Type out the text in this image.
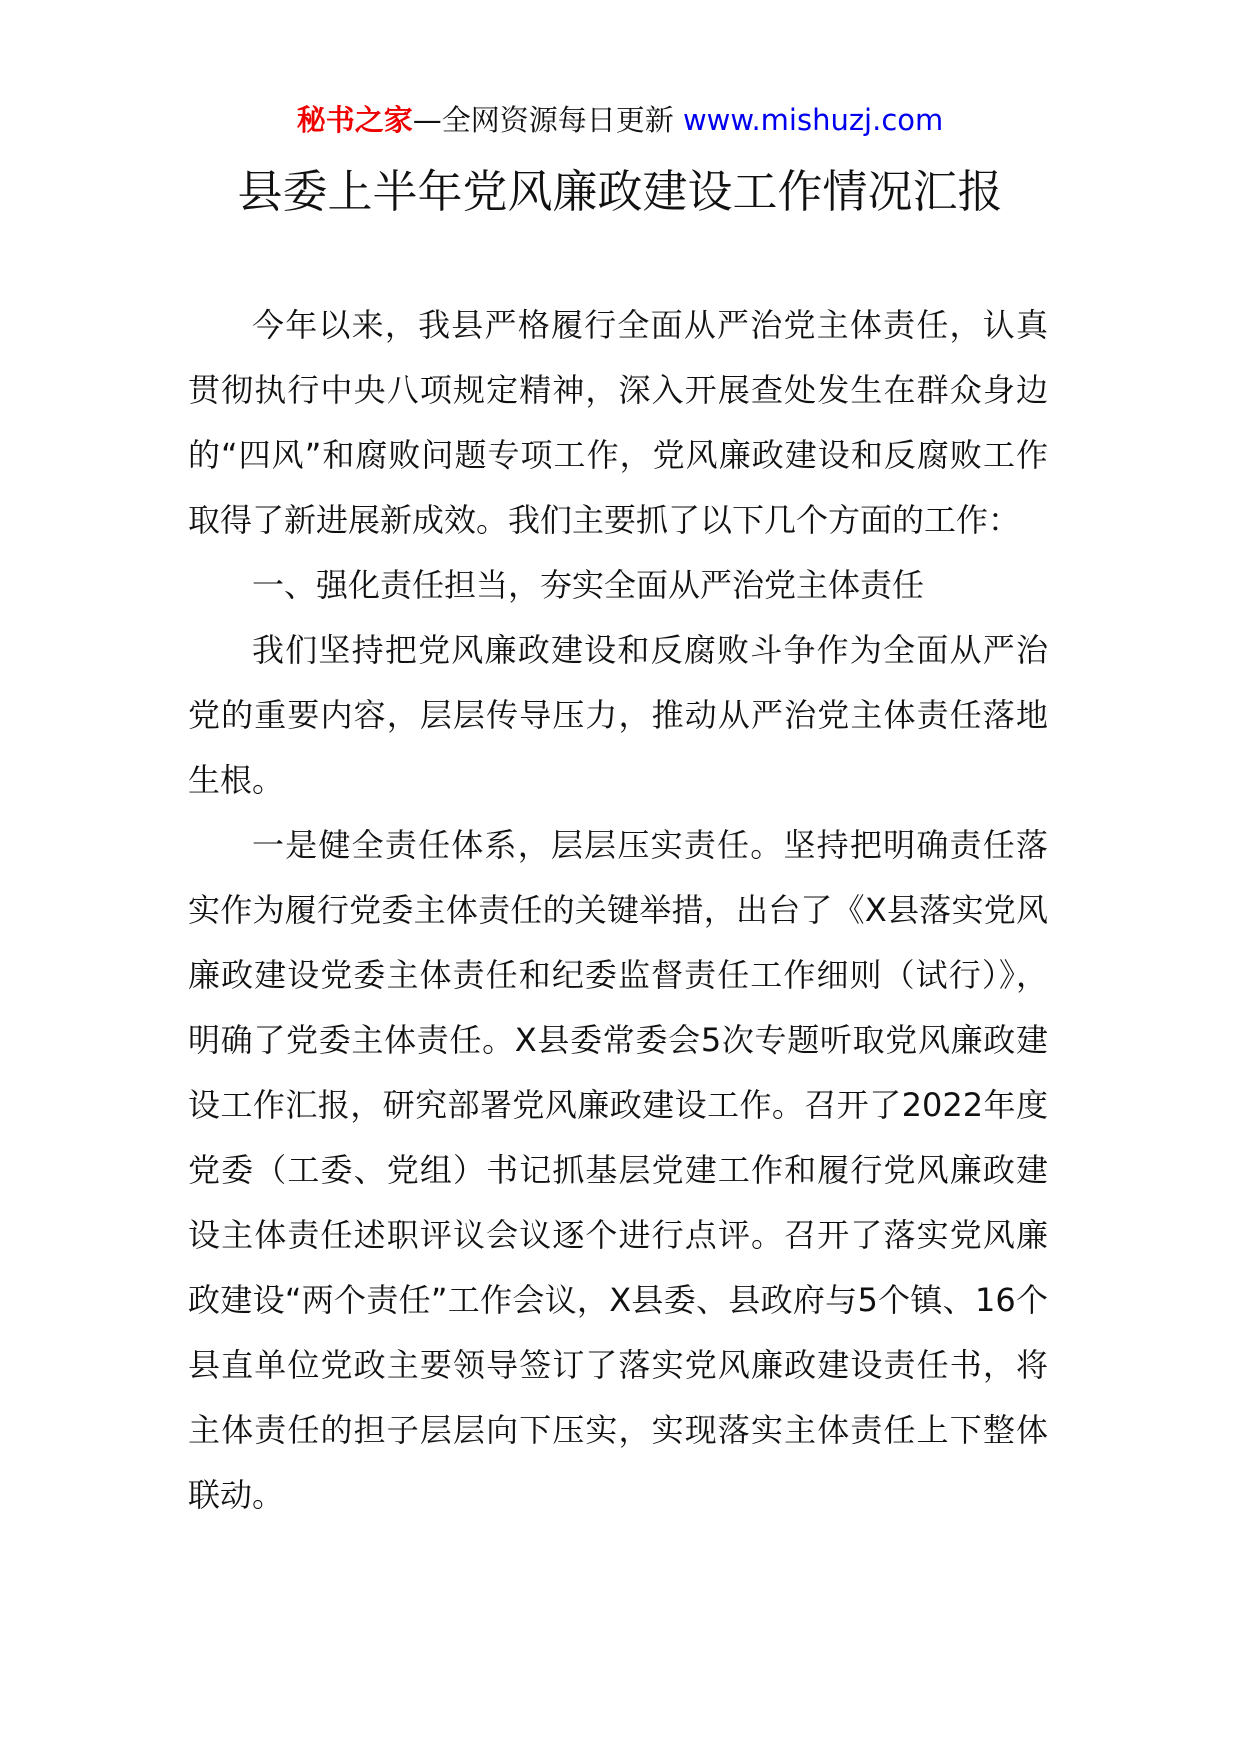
秘书之家—全网资源每日更新 www.mishuzj.com
县委上半年党风廉政建设工作情况汇报

今年以来，我县严格履行全面从严治党主体责任，认真贯彻执行中央八项规定精神，深入开展查处发生在群众身边的“四风”和腐败问题专项工作，党风廉政建设和反腐败工作取得了新进展新成效。我们主要抓了以下几个方面的工作：

一、强化责任担当，夯实全面从严治党主体责任

我们坚持把党风廉政建设和反腐败斗争作为全面从严治党的重要内容，层层传导压力，推动从严治党主体责任落地生根。

一是健全责任体系，层层压实责任。坚持把明确责任落实作为履行党委主体责任的关键举措，出台了《X县落实党风廉政建设党委主体责任和纪委监督责任工作细则（试行）》，明确了党委主体责任。X县委常委会5次专题听取党风廉政建设工作汇报，研究部署党风廉政建设工作。召开了2022年度党委（工委、党组）书记抓基层党建工作和履行党风廉政建设主体责任述职评议会议逐个进行点评。召开了落实党风廉政建设“两个责任”工作会议，X县委、县政府与5个镇、16个县直单位党政主要领导签订了落实党风廉政建设责任书，将主体责任的担子层层向下压实，实现落实主体责任上下整体联动。
